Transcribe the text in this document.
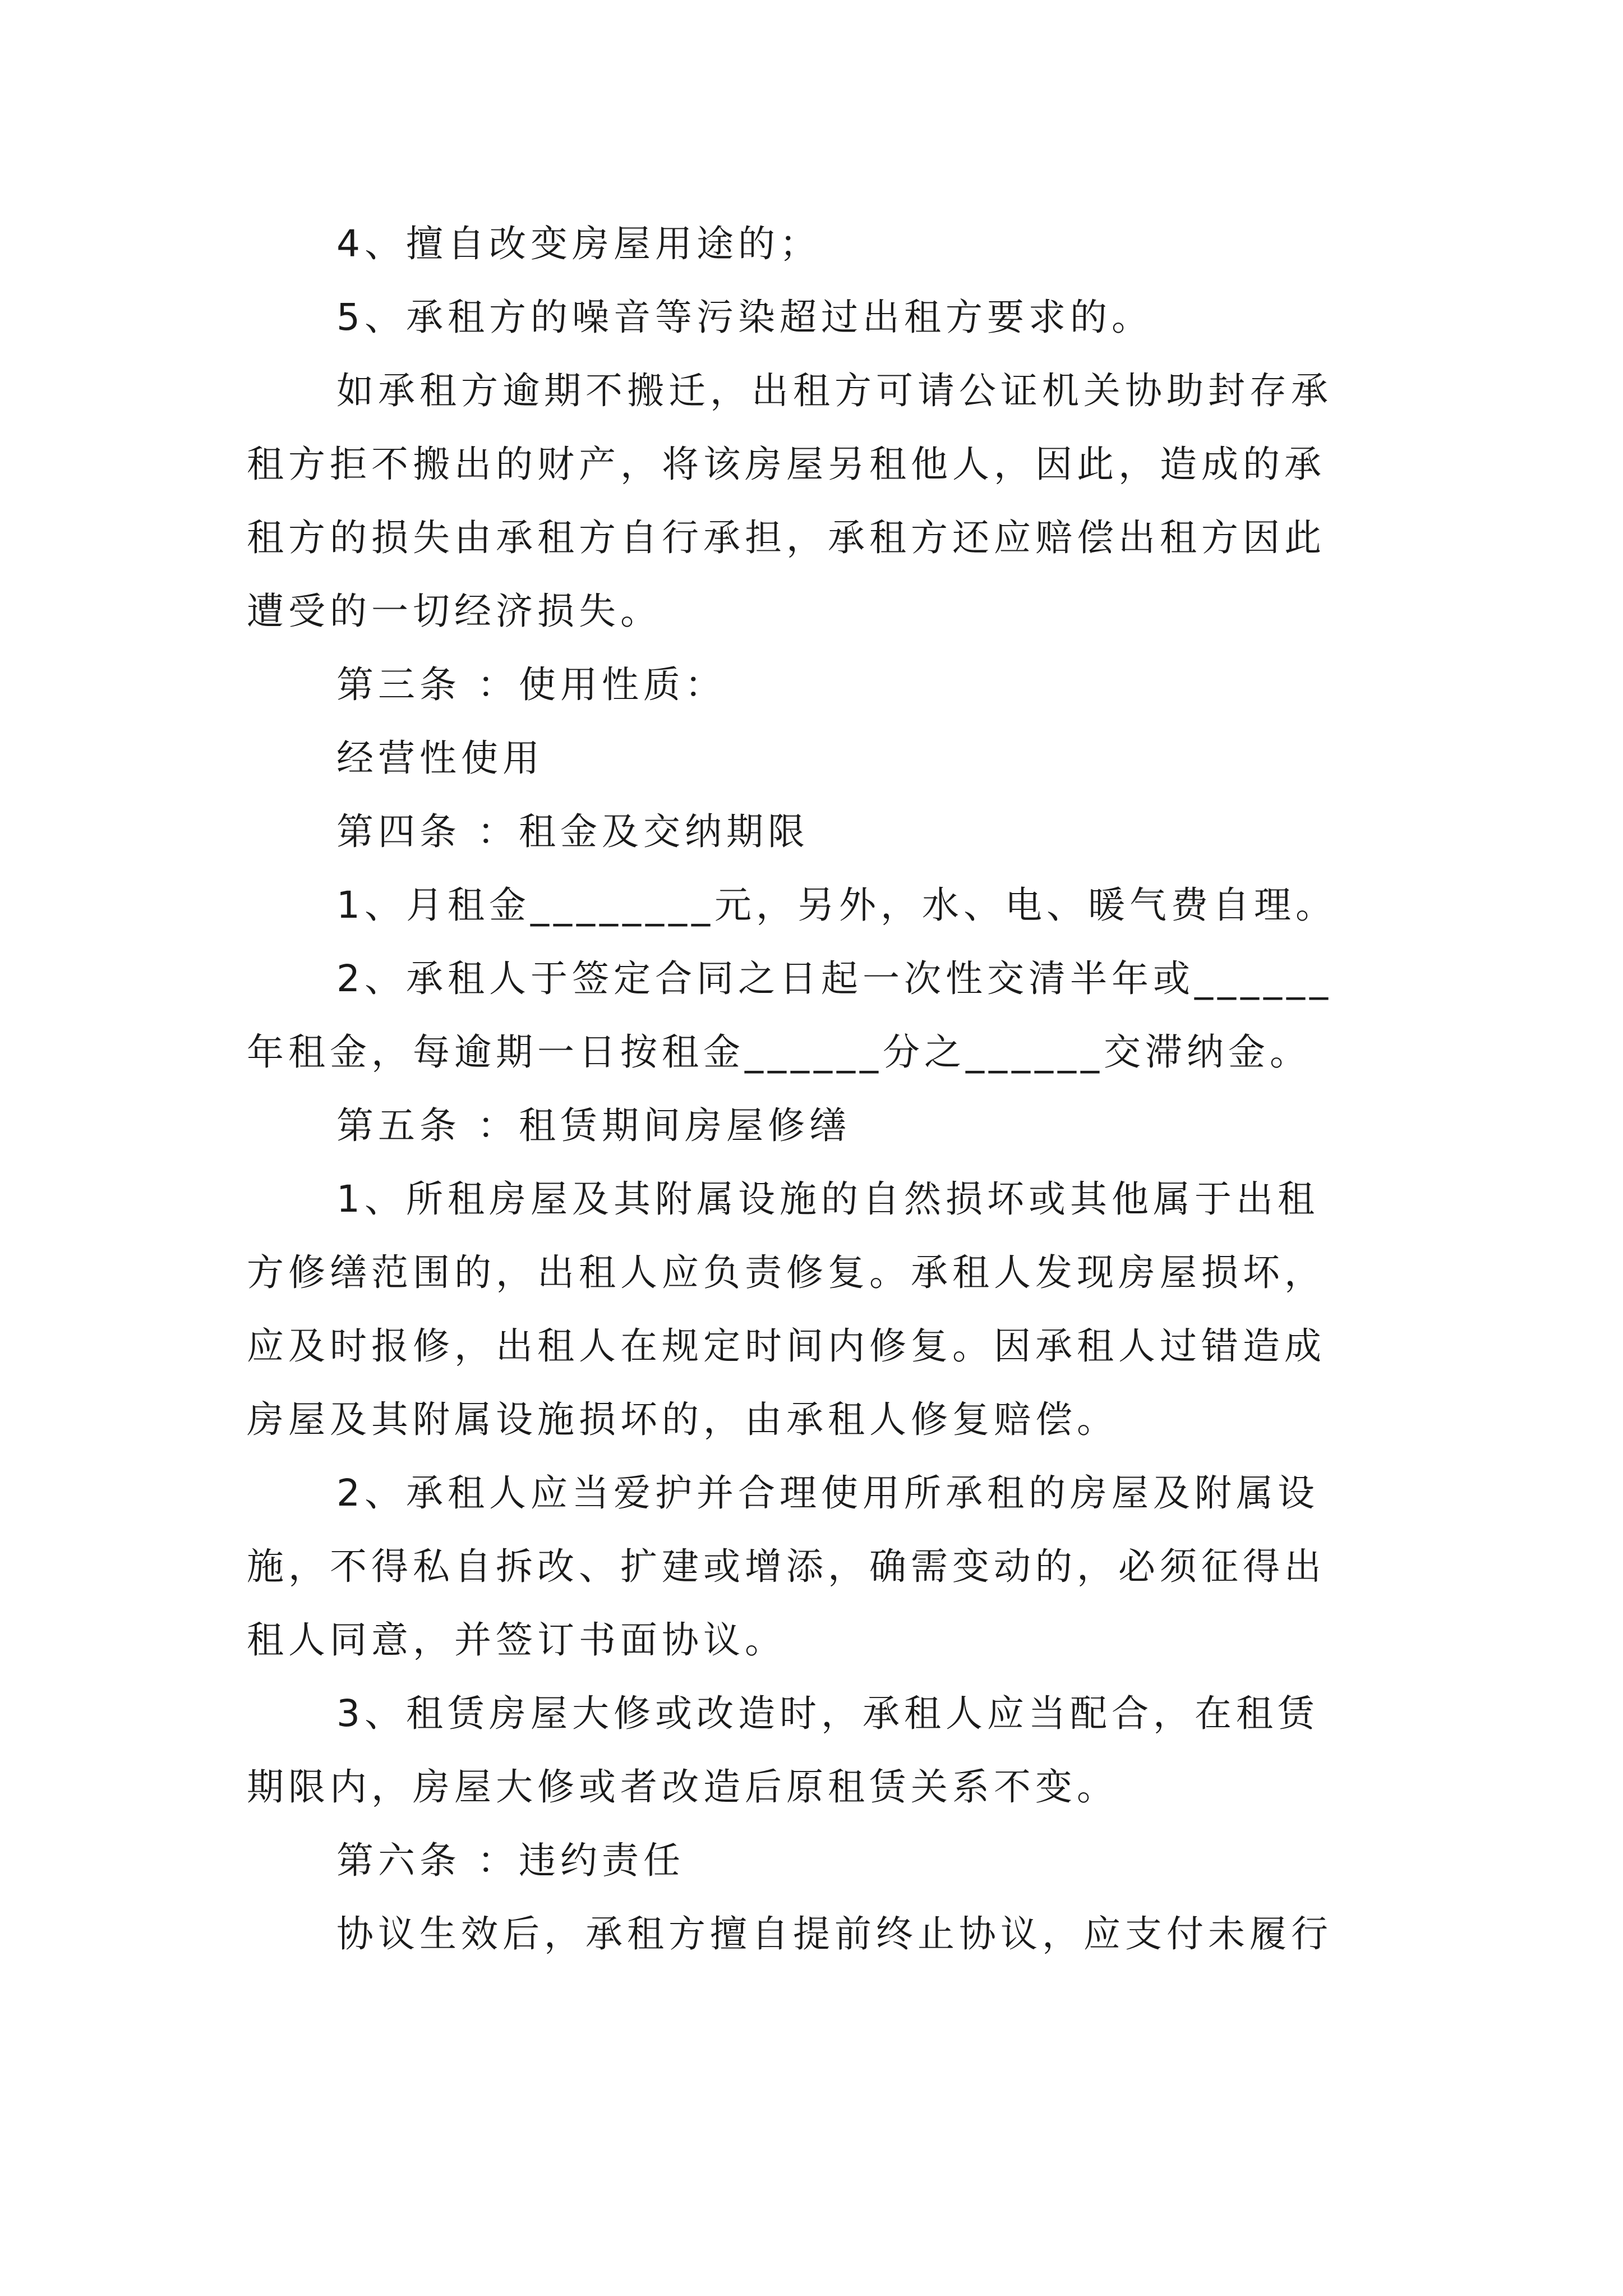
4、擅自改变房屋用途的；
5、承租方的噪音等污染超过出租方要求的。
如承租方逾期不搬迁，出租方可请公证机关协助封存承
租方拒不搬出的财产，将该房屋另租他人，因此，造成的承
租方的损失由承租方自行承担，承租方还应赔偿出租方因此
遭受的一切经济损失。
第三条 ：使用性质：
经营性使用
第四条 ：租金及交纳期限
1、月租金________元，另外，水、电、暖气费自理。
2、承租人于签定合同之日起一次性交清半年或______
年租金，每逾期一日按租金______分之______交滞纳金。
第五条 ：租赁期间房屋修缮
1、所租房屋及其附属设施的自然损坏或其他属于出租
方修缮范围的，出租人应负责修复。承租人发现房屋损坏，
应及时报修，出租人在规定时间内修复。因承租人过错造成
房屋及其附属设施损坏的，由承租人修复赔偿。
2、承租人应当爱护并合理使用所承租的房屋及附属设
施，不得私自拆改、扩建或增添，确需变动的，必须征得出
租人同意，并签订书面协议。
3、租赁房屋大修或改造时，承租人应当配合，在租赁
期限内，房屋大修或者改造后原租赁关系不变。
第六条 ：违约责任
协议生效后，承租方擅自提前终止协议，应支付未履行
